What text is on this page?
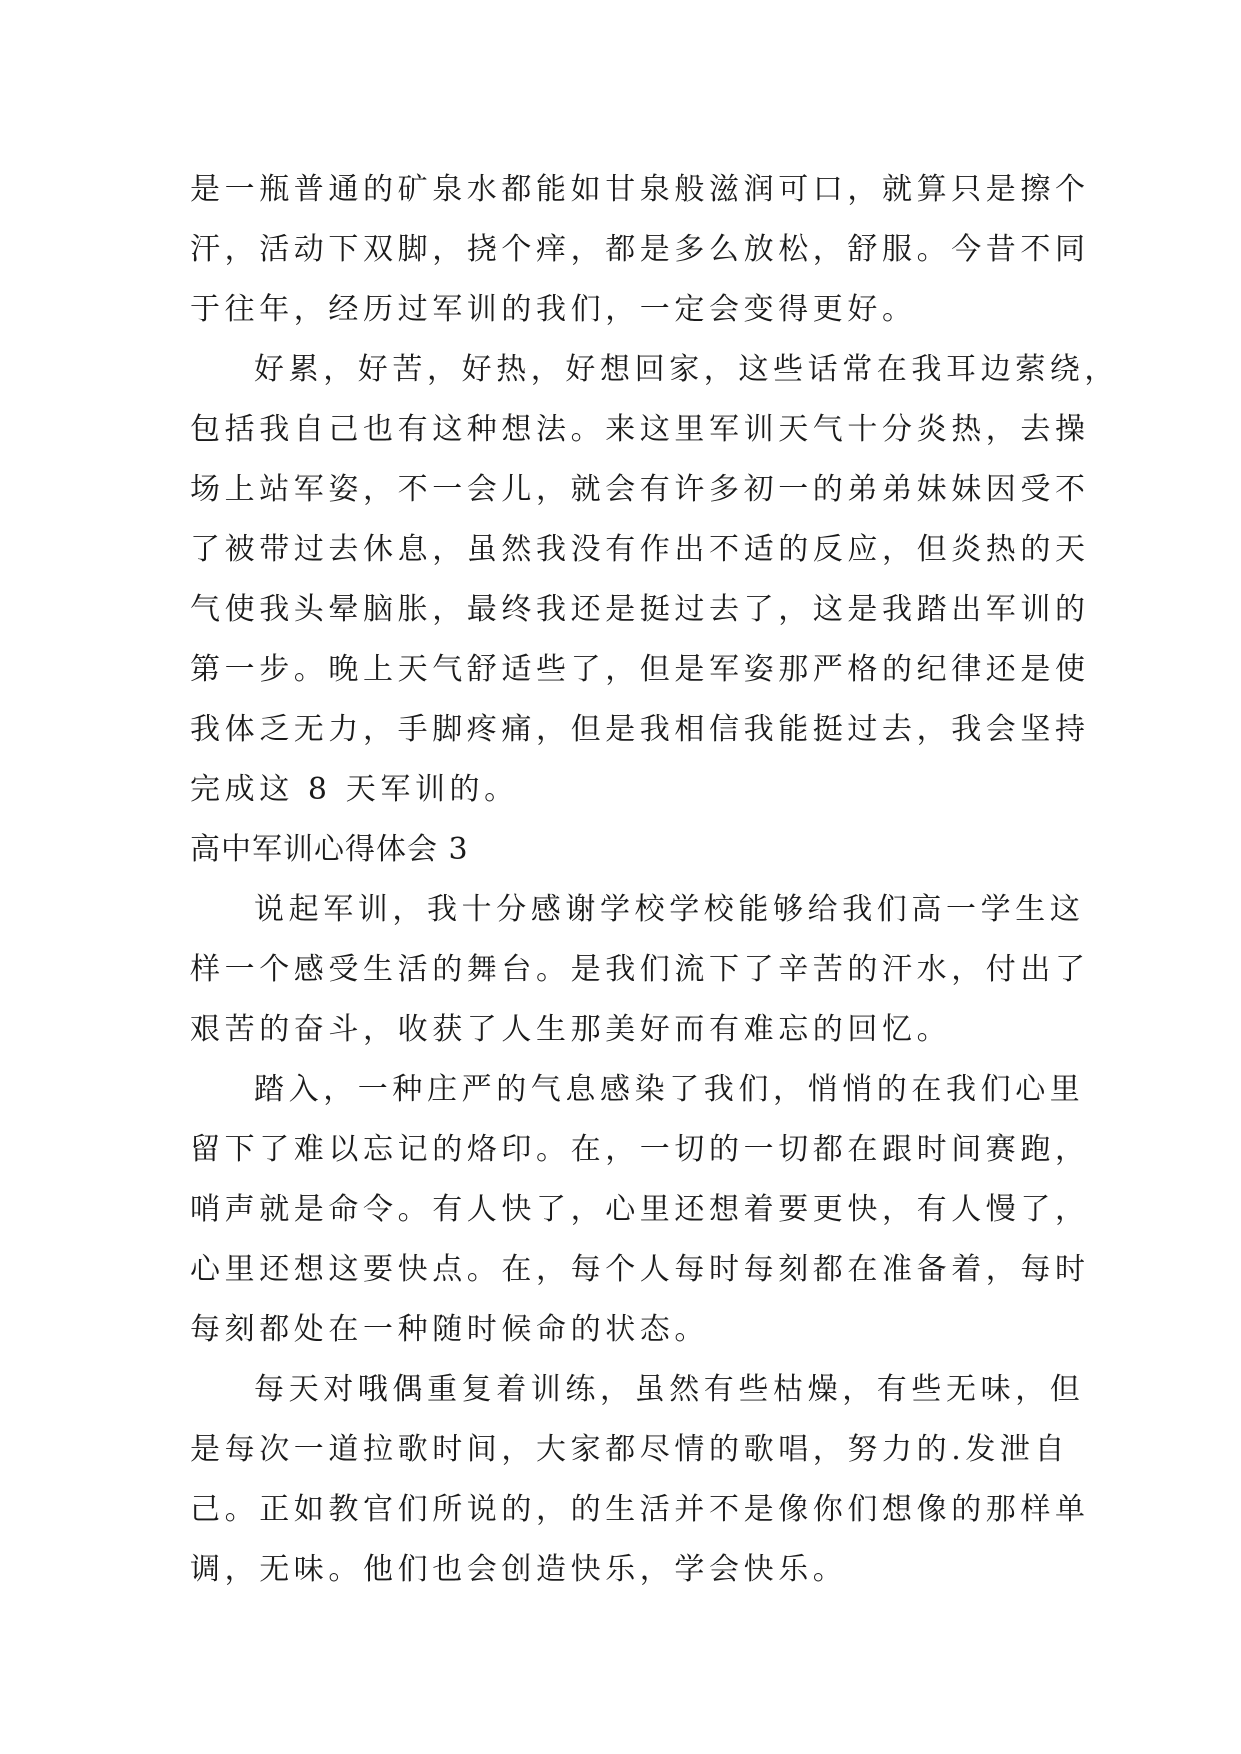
是一瓶普通的矿泉水都能如甘泉般滋润可口，就算只是擦个
汗，活动下双脚，挠个痒，都是多么放松，舒服。今昔不同
于往年，经历过军训的我们，一定会变得更好。
好累，好苦，好热，好想回家，这些话常在我耳边萦绕，
包括我自己也有这种想法。来这里军训天气十分炎热，去操
场上站军姿，不一会儿，就会有许多初一的弟弟妹妹因受不
了被带过去休息，虽然我没有作出不适的反应，但炎热的天
气使我头晕脑胀，最终我还是挺过去了，这是我踏出军训的
第一步。晚上天气舒适些了，但是军姿那严格的纪律还是使
我体乏无力，手脚疼痛，但是我相信我能挺过去，我会坚持
完成这 8 天军训的。
高中军训心得体会 3
说起军训，我十分感谢学校学校能够给我们高一学生这
样一个感受生活的舞台。是我们流下了辛苦的汗水，付出了
艰苦的奋斗，收获了人生那美好而有难忘的回忆。
踏入，一种庄严的气息感染了我们，悄悄的在我们心里
留下了难以忘记的烙印。在，一切的一切都在跟时间赛跑，
哨声就是命令。有人快了，心里还想着要更快，有人慢了，
心里还想这要快点。在，每个人每时每刻都在准备着，每时
每刻都处在一种随时候命的状态。
每天对哦偶重复着训练，虽然有些枯燥，有些无味，但
是每次一道拉歌时间，大家都尽情的歌唱，努力的.发泄自
己。正如教官们所说的，的生活并不是像你们想像的那样单
调，无味。他们也会创造快乐，学会快乐。
